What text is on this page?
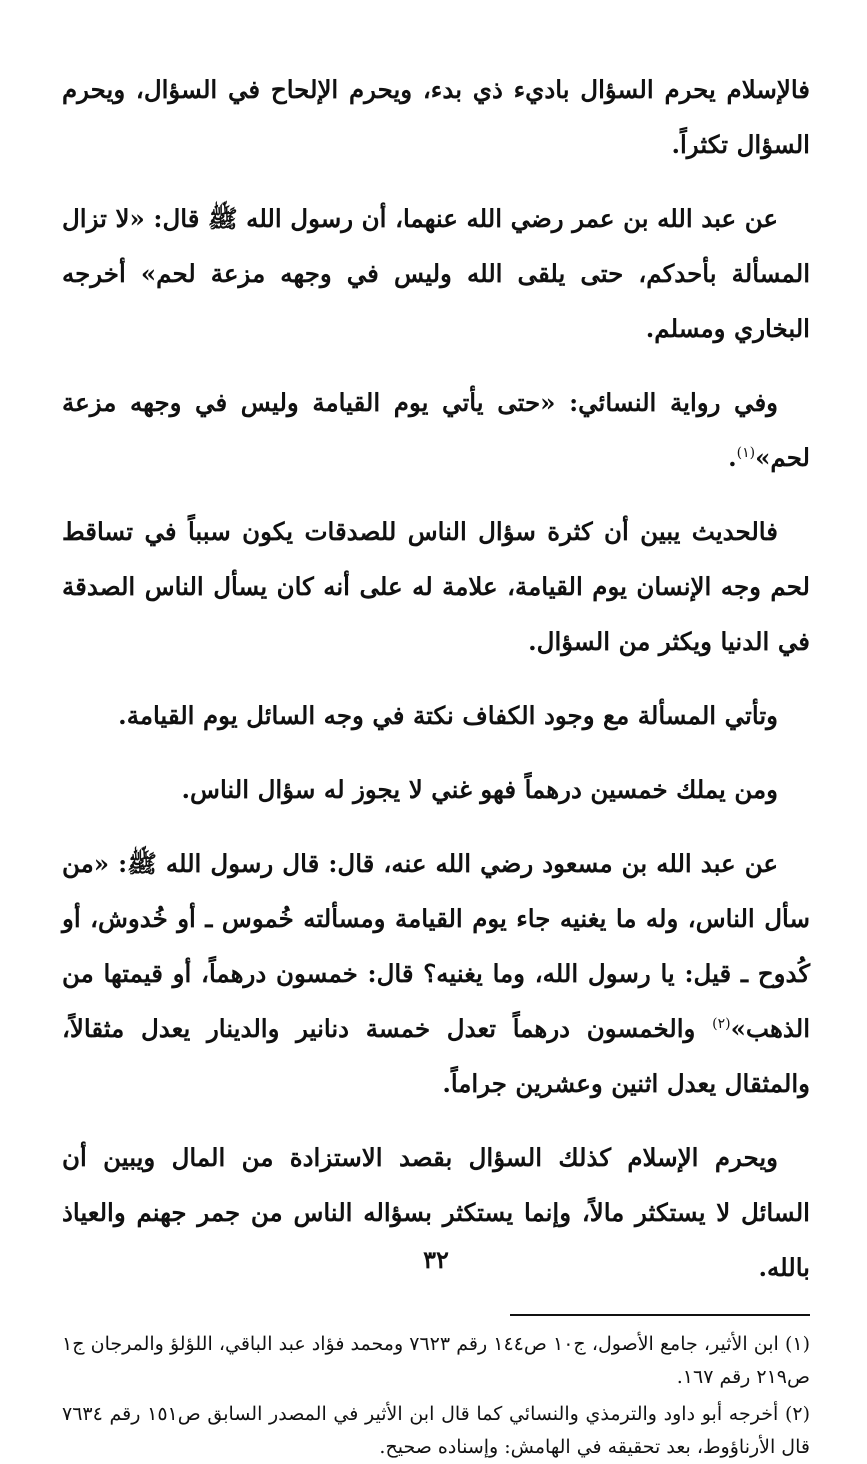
فالإسلام يحرم السؤال باديء ذي بدء، ويحرم الإلحاح في السؤال، ويحرم السؤال تكثراً.

عن عبد الله بن عمر رضي الله عنهما، أن رسول الله ﷺ قال: «لا تزال المسألة بأحدكم، حتى يلقى الله وليس في وجهه مزعة لحم» أخرجه البخاري ومسلم.

وفي رواية النسائي: «حتى يأتي يوم القيامة وليس في وجهه مزعة لحم»$^{(١)}$.

فالحديث يبين أن كثرة سؤال الناس للصدقات يكون سبباً في تساقط لحم وجه الإنسان يوم القيامة، علامة له على أنه كان يسأل الناس الصدقة في الدنيا ويكثر من السؤال.

وتأتي المسألة مع وجود الكفاف نكتة في وجه السائل يوم القيامة.

ومن يملك خمسين درهماً فهو غني لا يجوز له سؤال الناس.

عن عبد الله بن مسعود رضي الله عنه، قال: قال رسول الله ﷺ: «من سأل الناس، وله ما يغنيه جاء يوم القيامة ومسألته خُموس ـ أو خُدوش، أو كُدوح ـ قيل: يا رسول الله، وما يغنيه؟ قال: خمسون درهماً، أو قيمتها من الذهب»$^{(٢)}$ والخمسون درهماً تعدل خمسة دنانير والدينار يعدل مثقالاً، والمثقال يعدل اثنين وعشرين جراماً.

ويحرم الإسلام كذلك السؤال بقصد الاستزادة من المال ويبين أن السائل لا يستكثر مالاً، وإنما يستكثر بسؤاله الناس من جمر جهنم والعياذ بالله.

(١) ابن الأثير، جامع الأصول، ج١٠ ص١٤٤ رقم ٧٦٢٣ ومحمد فؤاد عبد الباقي، اللؤلؤ والمرجان ج١ ص٢١٩ رقم ١٦٧.

(٢) أخرجه أبو داود والترمذي والنسائي كما قال ابن الأثير في المصدر السابق ص١٥١ رقم ٧٦٣٤ قال الأرناؤوط، بعد تحقيقه في الهامش: وإسناده صحيح.

٣٢
